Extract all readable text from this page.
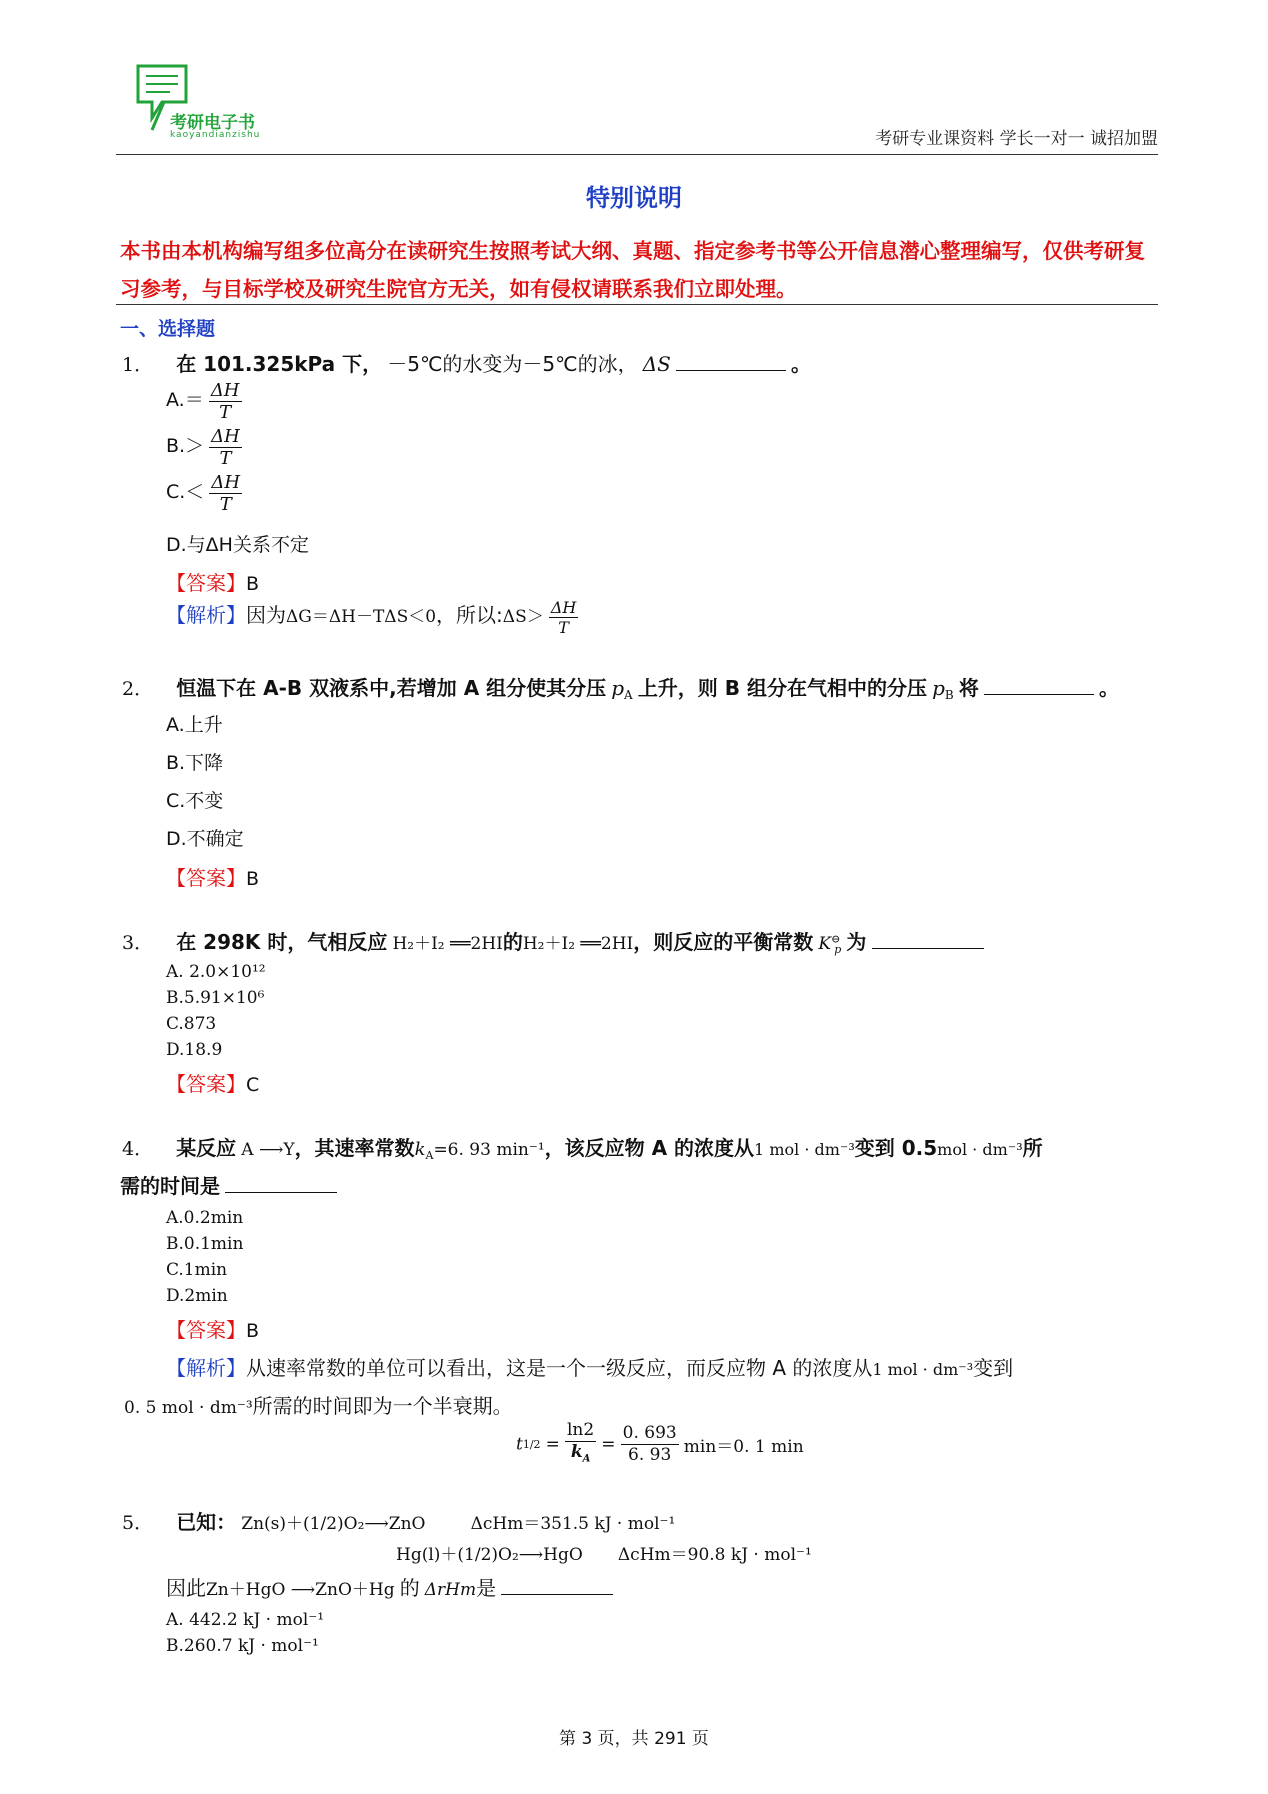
考研电子书
kaoyandianzishu	考研专业课资料 学长一对一 诚招加盟
特别说明
本书由本机构编写组多位高分在读研究生按照考试大纲、真题、指定参考书等公开信息潜心整理编写，仅供考研复习参考，与目标学校及研究生院官方无关，如有侵权请联系我们立即处理。
一、选择题
1． 在 101.325kPa 下， －5℃的水变为－5℃的冰， ΔS	。
$A.= \frac{\Delta H}{T}$
$B.> \frac{\Delta H}{T}$
$C.< \frac{\Delta H}{T}$
D.与ΔH关系不定
【答案】B
【解析】因为ΔG＝ΔH－TΔS＜0，所以:ΔS＞ $\frac{\Delta H}{T}$
2． 恒温下在 A-B 双液系中,若增加 A 组分使其分压 $p_A$ 上升，则 B 组分在气相中的分压 $p_B$ 将	。
A.上升
B.下降
C.不变
D.不确定
【答案】B
3． 在 298K 时，气相反应 H₂＋I₂ ══2HI的H₂＋I₂ ══2HI，则反应的平衡常数 $K^⊖_p$ 为
A. 2.0×10¹²
B.5.91×10⁶
C.873
D.18.9
【答案】C
4． 某反应 A ⟶Y，其速率常数$k_A=6$. 93 min⁻¹，该反应物 A 的浓度从1 mol · dm⁻³变到 0.5mol · dm⁻³所
需的时间是
A.0.2min
B.0.1min
C.1min
D.2min
【答案】B
【解析】从速率常数的单位可以看出，这是一个一级反应，而反应物 A 的浓度从1 mol · dm⁻³变到
0. 5 mol · dm⁻³所需的时间即为一个半衰期。
$t1/2 = \frac{\ln 2}{k_A} = \frac{0. 693}{6. 93} \min=0$. 1 min
5． 已知： Zn(s)＋(1/2)O₂⟶ZnO	ΔcHm＝351.5 kJ · mol⁻¹
Hg(l)＋(1/2)O₂⟶HgO ΔcHm＝90.8 kJ · mol⁻¹
因此Zn＋HgO ⟶ZnO＋Hg 的 ΔrHm是
A. 442.2 kJ · mol⁻¹
B.260.7 kJ · mol⁻¹
第 3 页，共 291 页
